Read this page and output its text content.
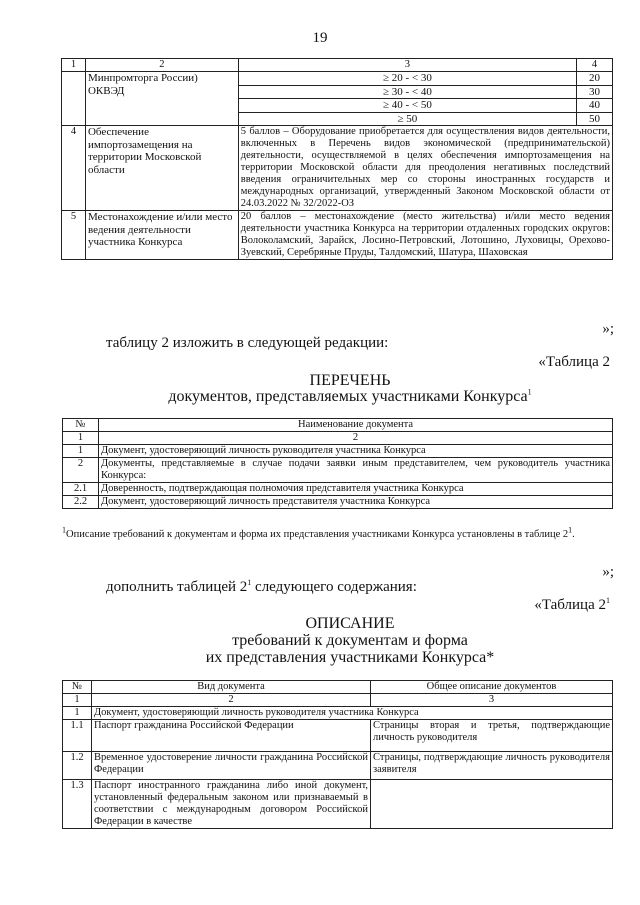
19
1	2	3	4
	Минпромторга России) ОКВЭД	≥ 20 - < 30	20
		≥ 30 - < 40	30
		≥ 40 - < 50	40
		≥ 50	50
4	Обеспечение импортозамещения на территории Московской области	5 баллов – Оборудование приобретается для осуществления видов деятельности, включенных в Перечень видов экономической (предпринимательской) деятельности, осуществляемой в целях обеспечения импортозамещения на территории Московской области для преодоления негативных последствий введения ограничительных мер со стороны иностранных государств и международных организаций, утвержденный Законом Московской области от 24.03.2022 № 32/2022-ОЗ	
5	Местонахождение и/или место ведения деятельности участника Конкурса	20 баллов – местонахождение (место жительства) и/или место ведения деятельности участника Конкурса на территории отдаленных городских округов: Волоколамский, Зарайск, Лосино-Петровский, Лотошино, Луховицы, Орехово-Зуевский, Серебряные Пруды, Талдомский, Шатура, Шаховская	
»;
таблицу 2 изложить в следующей редакции:
«Таблица 2
ПЕРЕЧЕНЬ
документов, представляемых участниками Конкурса$^1$
№	Наименование документа
1	2
1	Документ, удостоверяющий личность руководителя участника Конкурса
2	Документы, представляемые в случае подачи заявки иным представителем, чем руководитель участника Конкурса:
2.1	Доверенность, подтверждающая полномочия представителя участника Конкурса
2.2	Документ, удостоверяющий личность представителя участника Конкурса
$^1$Описание требований к документам и форма их представления участниками Конкурса установлены в таблице $2^1$.
»;
дополнить таблицей $2^1$ следующего содержания:
«Таблица $2^1$
ОПИСАНИЕ
требований к документам и форма
их представления участниками Конкурса*
№	Вид документа	Общее описание документов
1	2	3
1	Документ, удостоверяющий личность руководителя участника Конкурса	
1.1	Паспорт гражданина Российской Федерации	Страницы вторая и третья, подтверждающие личность руководителя
1.2	Временное удостоверение личности гражданина Российской Федерации	Страницы, подтверждающие личность руководителя заявителя
1.3	Паспорт иностранного гражданина либо иной документ, установленный федеральным законом или признаваемый в соответствии с международным договором Российской Федерации в качестве	
